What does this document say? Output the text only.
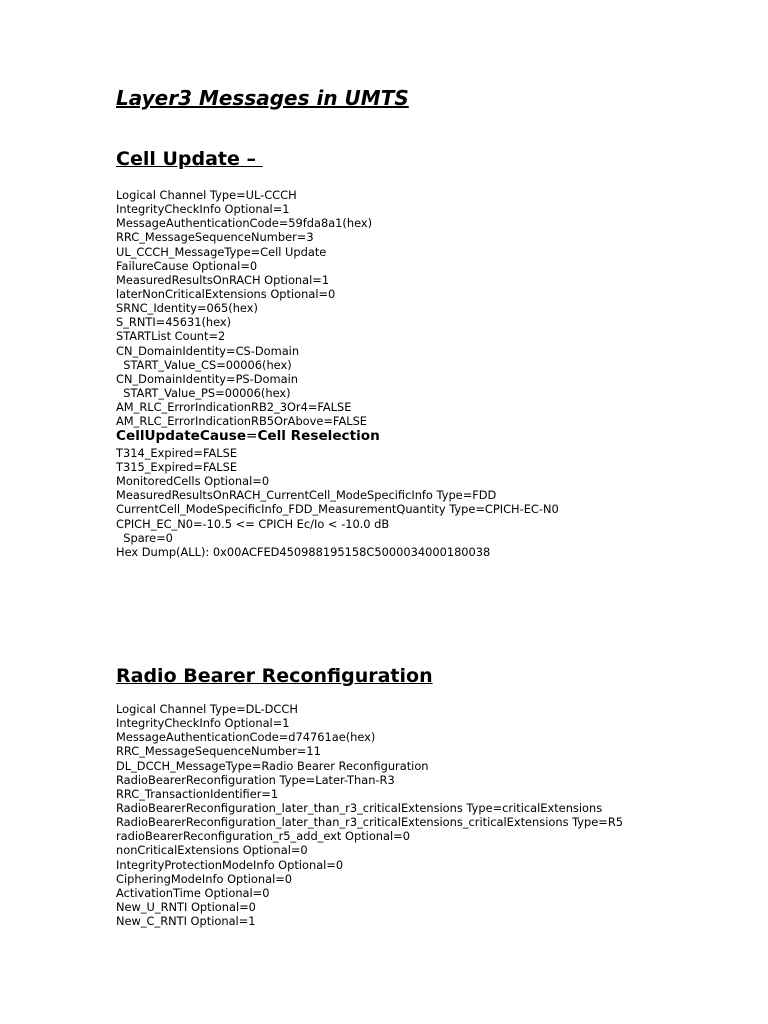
Layer3 Messages in UMTS
Cell Update –
Logical Channel Type=UL-CCCH
IntegrityCheckInfo Optional=1
MessageAuthenticationCode=59fda8a1(hex)
RRC_MessageSequenceNumber=3
UL_CCCH_MessageType=Cell Update
FailureCause Optional=0
MeasuredResultsOnRACH Optional=1
laterNonCriticalExtensions Optional=0
SRNC_Identity=065(hex)
S_RNTI=45631(hex)
STARTList Count=2
CN_DomainIdentity=CS-Domain
START_Value_CS=00006(hex)
CN_DomainIdentity=PS-Domain
START_Value_PS=00006(hex)
AM_RLC_ErrorIndicationRB2_3Or4=FALSE
AM_RLC_ErrorIndicationRB5OrAbove=FALSE
CellUpdateCause=Cell Reselection
T314_Expired=FALSE
T315_Expired=FALSE
MonitoredCells Optional=0
MeasuredResultsOnRACH_CurrentCell_ModeSpecificInfo Type=FDD
CurrentCell_ModeSpecificInfo_FDD_MeasurementQuantity Type=CPICH-EC-N0
CPICH_EC_N0=-10.5 <= CPICH Ec/Io < -10.0 dB
Spare=0
Hex Dump(ALL): 0x00ACFED450988195158C5000034000180038
Radio Bearer Reconfiguration
Logical Channel Type=DL-DCCH
IntegrityCheckInfo Optional=1
MessageAuthenticationCode=d74761ae(hex)
RRC_MessageSequenceNumber=11
DL_DCCH_MessageType=Radio Bearer Reconfiguration
RadioBearerReconfiguration Type=Later-Than-R3
RRC_TransactionIdentifier=1
RadioBearerReconfiguration_later_than_r3_criticalExtensions Type=criticalExtensions
RadioBearerReconfiguration_later_than_r3_criticalExtensions_criticalExtensions Type=R5
radioBearerReconfiguration_r5_add_ext Optional=0
nonCriticalExtensions Optional=0
IntegrityProtectionModeInfo Optional=0
CipheringModeInfo Optional=0
ActivationTime Optional=0
New_U_RNTI Optional=0
New_C_RNTI Optional=1
